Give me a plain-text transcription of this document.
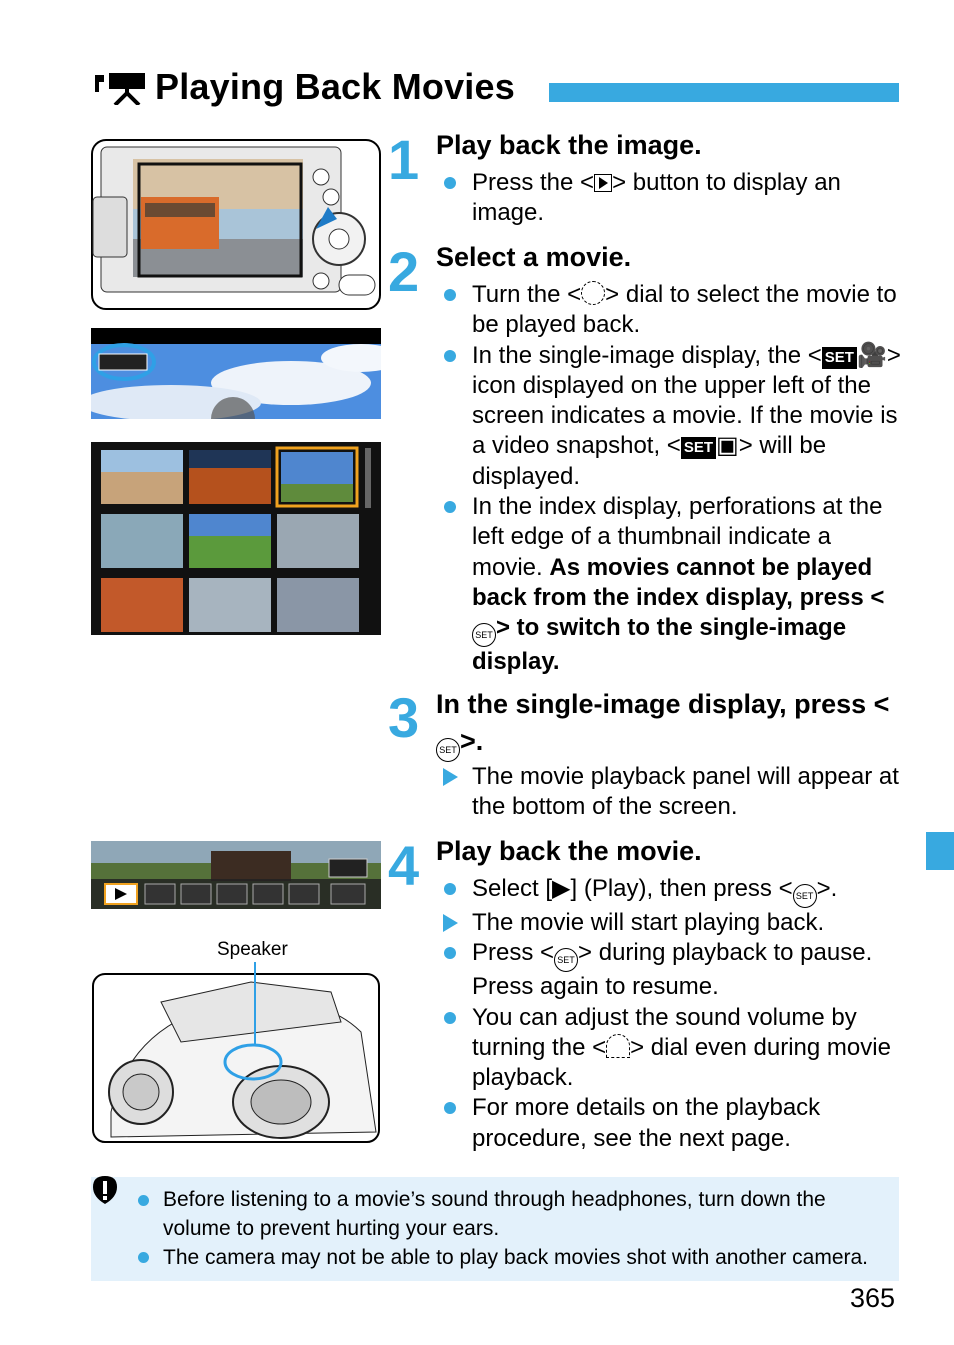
Playing Back Movies
Speaker
1 Play back the image.
Press the < > button to display an image.
2 Select a movie.
Turn the < > dial to select the movie to be played back.
In the single-image display, the < SET 🎥> icon displayed on the upper left of the screen indicates a movie. If the movie is a video snapshot, < SET ▣> will be displayed.
In the index display, perforations at the left edge of a thumbnail indicate a movie. As movies cannot be played back from the index display, press <SET > to switch to the single-image display.
3 In the single-image display, press <SET >.
The movie playback panel will appear at the bottom of the screen.
4 Play back the movie.
Select [▶] (Play), then press < SET >.
The movie will start playing back.
Press < SET > during playback to pause. Press again to resume.
You can adjust the sound volume by turning the < > dial even during movie playback.
For more details on the playback procedure, see the next page.
Before listening to a movie’s sound through headphones, turn down the volume to prevent hurting your ears.
The camera may not be able to play back movies shot with another camera.
365
